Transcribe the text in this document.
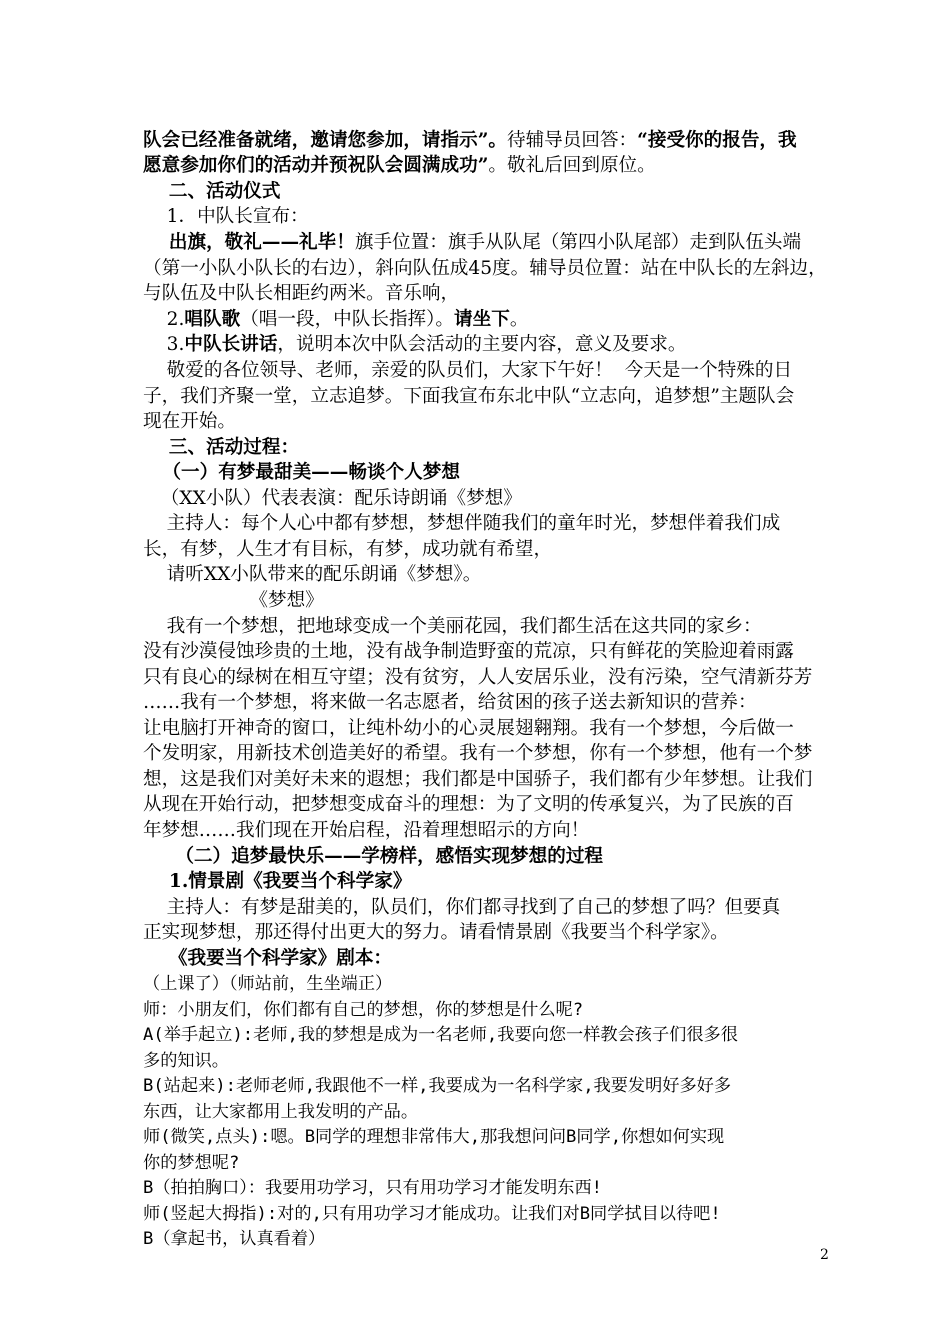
队会已经准备就绪，邀请您参加，请指示”。待辅导员回答：“接受你的报告，我
愿意参加你们的活动并预祝队会圆满成功”。敬礼后回到原位。
二、活动仪式
1．中队长宣布：
出旗，敬礼——礼毕！旗手位置：旗手从队尾（第四小队尾部）走到队伍头端
（第一小队小队长的右边），斜向队伍成45度。辅导员位置：站在中队长的左斜边，
与队伍及中队长相距约两米。音乐响，
2.唱队歌（唱一段，中队长指挥）。请坐下。
3.中队长讲话，说明本次中队会活动的主要内容，意义及要求。
敬爱的各位领导、老师，亲爱的队员们，大家下午好！  今天是一个特殊的日
子，我们齐聚一堂，立志追梦。下面我宣布东北中队“立志向，追梦想”主题队会
现在开始。
三、活动过程：
（一）有梦最甜美——畅谈个人梦想
（XX小队）代表表演：配乐诗朗诵《梦想》
主持人：每个人心中都有梦想，梦想伴随我们的童年时光，梦想伴着我们成
长，有梦，人生才有目标，有梦，成功就有希望，
请听XX小队带来的配乐朗诵《梦想》。
《梦想》
我有一个梦想，把地球变成一个美丽花园，我们都生活在这共同的家乡：
没有沙漠侵蚀珍贵的土地，没有战争制造野蛮的荒凉，只有鲜花的笑脸迎着雨露
只有良心的绿树在相互守望；没有贫穷，人人安居乐业，没有污染，空气清新芬芳
……我有一个梦想，将来做一名志愿者，给贫困的孩子送去新知识的营养：
让电脑打开神奇的窗口，让纯朴幼小的心灵展翅翱翔。我有一个梦想，今后做一
个发明家，用新技术创造美好的希望。我有一个梦想，你有一个梦想，他有一个梦
想，这是我们对美好未来的遐想；我们都是中国骄子，我们都有少年梦想。让我们
从现在开始行动，把梦想变成奋斗的理想：为了文明的传承复兴，为了民族的百
年梦想……我们现在开始启程，沿着理想昭示的方向！
（二）追梦最快乐——学榜样，感悟实现梦想的过程
1.情景剧《我要当个科学家》
主持人：有梦是甜美的，队员们，你们都寻找到了自己的梦想了吗？但要真
正实现梦想，那还得付出更大的努力。请看情景剧《我要当个科学家》。
《我要当个科学家》剧本：
（上课了）（师站前，生坐端正）
师：小朋友们，你们都有自己的梦想，你的梦想是什么呢?
A(举手起立):老师,我的梦想是成为一名老师,我要向您一样教会孩子们很多很
多的知识。
B(站起来):老师老师,我跟他不一样,我要成为一名科学家,我要发明好多好多
东西，让大家都用上我发明的产品。
师(微笑,点头):嗯。B同学的理想非常伟大,那我想问问B同学,你想如何实现
你的梦想呢?
B（拍拍胸口）：我要用功学习，只有用功学习才能发明东西!
师(竖起大拇指):对的,只有用功学习才能成功。让我们对B同学拭目以待吧!
B（拿起书，认真看着）
2
